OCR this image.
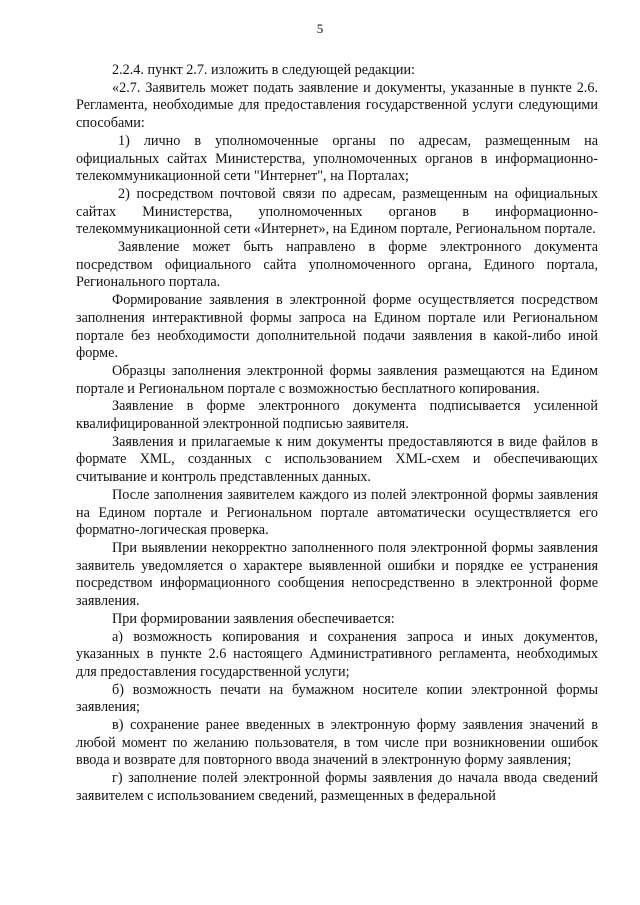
5

2.2.4. пункт 2.7. изложить в следующей редакции:

«2.7. Заявитель может подать заявление и документы, указанные в пункте 2.6. Регламента, необходимые для предоставления государственной услуги следующими способами:

1) лично в уполномоченные органы по адресам, размещенным на официальных сайтах Министерства, уполномоченных органов в информационно-телекоммуникационной сети "Интернет", на Порталах;

2) посредством почтовой связи по адресам, размещенным на официальных сайтах Министерства, уполномоченных органов в информационно-телекоммуникационной сети «Интернет», на Едином портале, Региональном портале.

Заявление может быть направлено в форме электронного документа посредством официального сайта уполномоченного органа, Единого портала, Регионального портала.

Формирование заявления в электронной форме осуществляется посредством заполнения интерактивной формы запроса на Едином портале или Региональном портале без необходимости дополнительной подачи заявления в какой-либо иной форме.

Образцы заполнения электронной формы заявления размещаются на Едином портале и Региональном портале с возможностью бесплатного копирования.

Заявление в форме электронного документа подписывается усиленной квалифицированной электронной подписью заявителя.

Заявления и прилагаемые к ним документы предоставляются в виде файлов в формате XML, созданных с использованием XML-схем и обеспечивающих считывание и контроль представленных данных.

После заполнения заявителем каждого из полей электронной формы заявления на Едином портале и Региональном портале автоматически осуществляется его форматно-логическая проверка.

При выявлении некорректно заполненного поля электронной формы заявления заявитель уведомляется о характере выявленной ошибки и порядке ее устранения посредством информационного сообщения непосредственно в электронной форме заявления.

При формировании заявления обеспечивается:

а) возможность копирования и сохранения запроса и иных документов, указанных в пункте 2.6 настоящего Административного регламента, необходимых для предоставления государственной услуги;

б) возможность печати на бумажном носителе копии электронной формы заявления;

в) сохранение ранее введенных в электронную форму заявления значений в любой момент по желанию пользователя, в том числе при возникновении ошибок ввода и возврате для повторного ввода значений в электронную форму заявления;

г) заполнение полей электронной формы заявления до начала ввода сведений заявителем с использованием сведений, размещенных в федеральной
